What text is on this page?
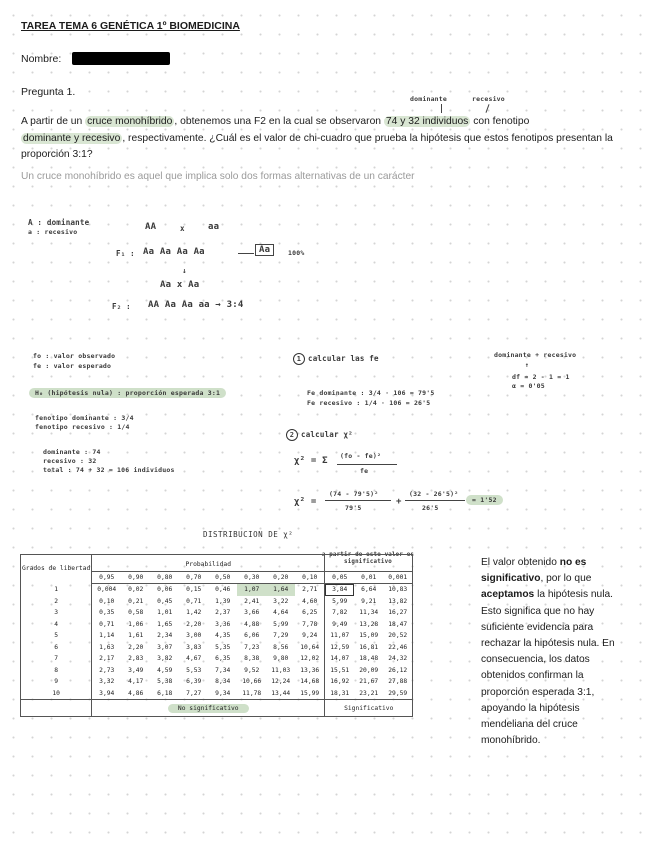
TAREA TEMA 6 GENÉTICA 1º BIOMEDICINA
Nombre:
Pregunta 1.
dominante	recesivo
A partir de un cruce monohíbrido , obtenemos una F2 en la cual se observaron 74 y 32 individuos con fenotipo
dominante y recesivo , respectivamente. ¿Cuál es el valor de chi-cuadro que prueba la hipótesis que estos fenotipos presentan la proporción 3:1?
Un cruce monohíbrido es aquel que implica solo dos formas alternativas de un carácter
A : dominante
a : recesivo	AA	x	aa
F₁ : Aa Aa Aa Aa	Aa	100%
↓
Aa x Aa
F₂ : AA Aa Aa aa → 3:4
fo : valor observado
fe : valor esperado
H₀ (hipótesis nula) : proporción esperada 3:1
fenotipo dominante : 3/4
fenotipo recesivo : 1/4
dominante : 74
recesivo : 32
total : 74 + 32 = 106 individuos
1 calcular las fe
Fe dominante : 3/4 · 106 = 79'5
Fe recesivo : 1/4 · 106 = 26'5
dominante + recesivo
↑
df = 2 - 1 = 1
α = 0'05
2 calcular χ²
χ² = Σ (fo - fe)²
fe
χ² =
(74 - 79'5)²
79'5
+
(32 - 26'5)²
26'5
= 1'52
DISTRIBUCION DE χ²
a partir de este valor es significativo
Grados de libertad	Probabilidad										
	0,95	0,90	0,80	0,70	0,50	0,30	0,20	0,10	0,05	0,01	0,001
1	0,004	0,02	0,06	0,15	0,46	1,07	1,64	2,71	3,84	6,64	10,83
2	0,10	0,21	0,45	0,71	1,39	2,41	3,22	4,60	5,99	9,21	13,82
3	0,35	0,58	1,01	1,42	2,37	3,66	4,64	6,25	7,82	11,34	16,27
4	0,71	1,06	1,65	2,20	3,36	4,88	5,99	7,78	9,49	13,28	18,47
5	1,14	1,61	2,34	3,00	4,35	6,06	7,29	9,24	11,07	15,09	20,52
6	1,63	2,20	3,07	3,83	5,35	7,23	8,56	10,64	12,59	16,81	22,46
7	2,17	2,83	3,82	4,67	6,35	8,38	9,80	12,02	14,07	18,48	24,32
8	2,73	3,49	4,59	5,53	7,34	9,52	11,03	13,36	15,51	20,09	26,12
9	3,32	4,17	5,38	6,39	8,34	10,66	12,24	14,68	16,92	21,67	27,88
10	3,94	4,86	6,18	7,27	9,34	11,78	13,44	15,99	18,31	23,21	29,59
	No significativo								Significativo		
El valor obtenido no es significativo, por lo que aceptamos la hipótesis nula. Esto significa que no hay suficiente evidencia para rechazar la hipótesis nula. En consecuencia, los datos obtenidos confirman la proporción esperada 3:1, apoyando la hipótesis mendeliana del cruce monohíbrido.
